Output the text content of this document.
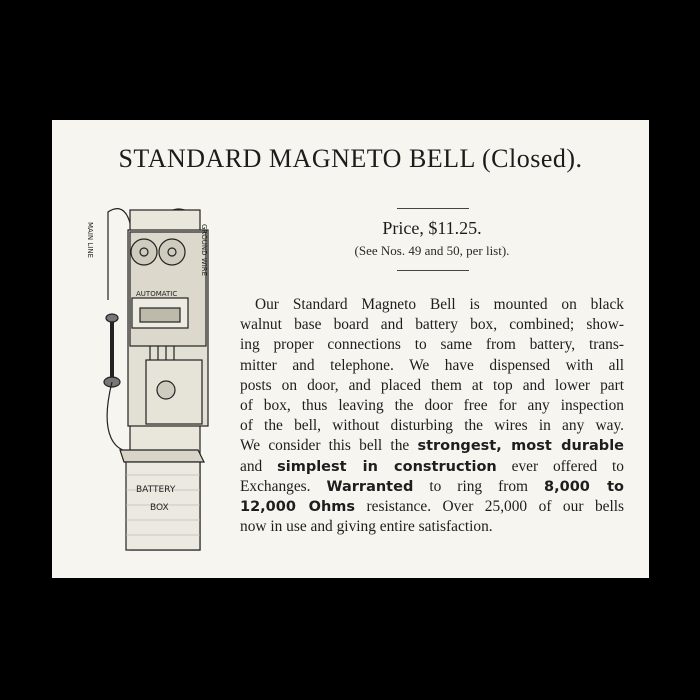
STANDARD MAGNETO BELL (Closed).
MAIN LINE	GROUND WIRE
AUTOMATIC
BATTERY
BOX
Price, $11.25.
(See Nos. 49 and 50, per list).
Our Standard Magneto Bell is mounted on black
walnut base board and battery box, combined; show-
ing proper connections to same from battery, trans-
mitter and telephone. We have dispensed with all
posts on door, and placed them at top and lower part
of box, thus leaving the door free for any inspection
of the bell, without disturbing the wires in any way.
We consider this bell the strongest, most durable
and simplest in construction ever offered to
Exchanges. Warranted to ring from 8,000 to
12,000 Ohms resistance. Over 25,000 of our bells
now in use and giving entire satisfaction.
